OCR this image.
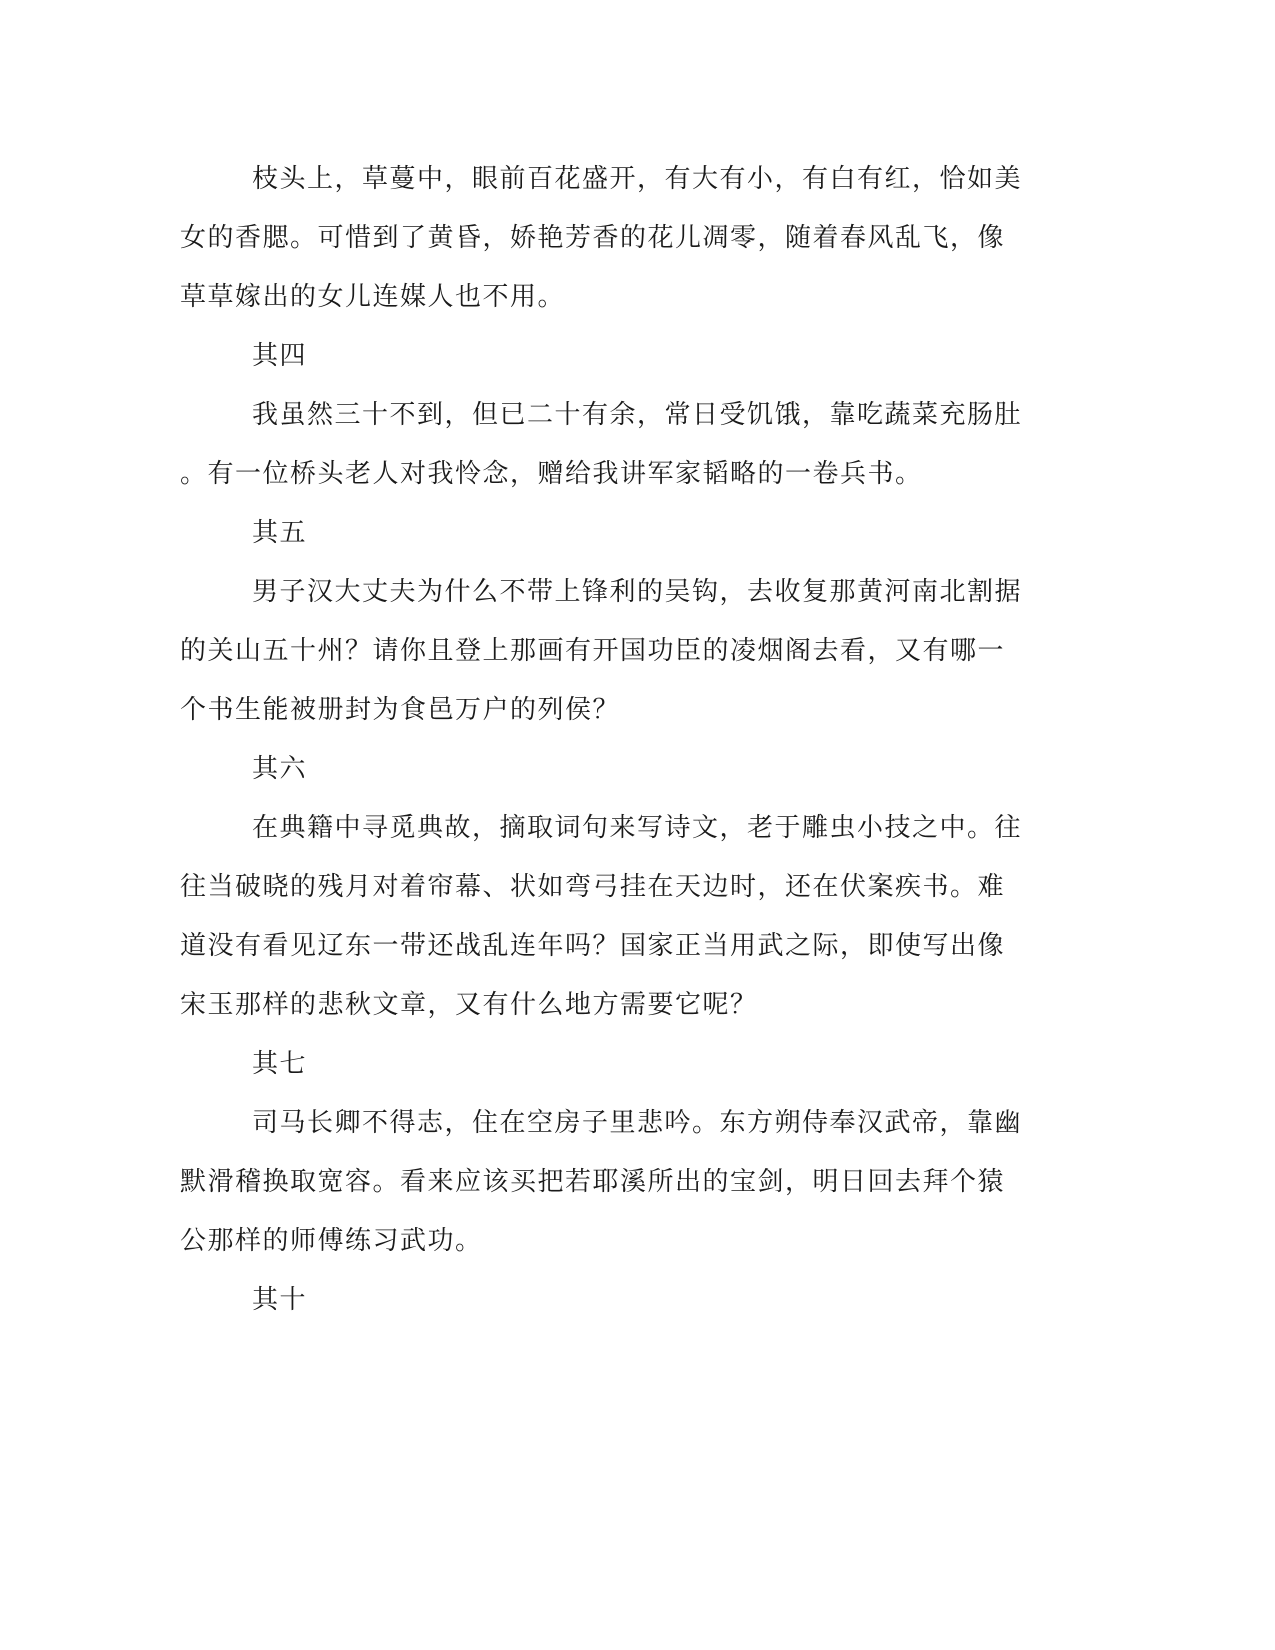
枝头上，草蔓中，眼前百花盛开，有大有小，有白有红，恰如美
女的香腮。可惜到了黄昏，娇艳芳香的花儿凋零，随着春风乱飞，像
草草嫁出的女儿连媒人也不用。
其四
我虽然三十不到，但已二十有余，常日受饥饿，靠吃蔬菜充肠肚
。有一位桥头老人对我怜念，赠给我讲军家韬略的一卷兵书。
其五
男子汉大丈夫为什么不带上锋利的吴钩，去收复那黄河南北割据
的关山五十州？请你且登上那画有开国功臣的凌烟阁去看，又有哪一
个书生能被册封为食邑万户的列侯？
其六
在典籍中寻觅典故，摘取词句来写诗文，老于雕虫小技之中。往
往当破晓的残月对着帘幕、状如弯弓挂在天边时，还在伏案疾书。难
道没有看见辽东一带还战乱连年吗？国家正当用武之际，即使写出像
宋玉那样的悲秋文章，又有什么地方需要它呢？
其七
司马长卿不得志，住在空房子里悲吟。东方朔侍奉汉武帝，靠幽
默滑稽换取宽容。看来应该买把若耶溪所出的宝剑，明日回去拜个猿
公那样的师傅练习武功。
其十
